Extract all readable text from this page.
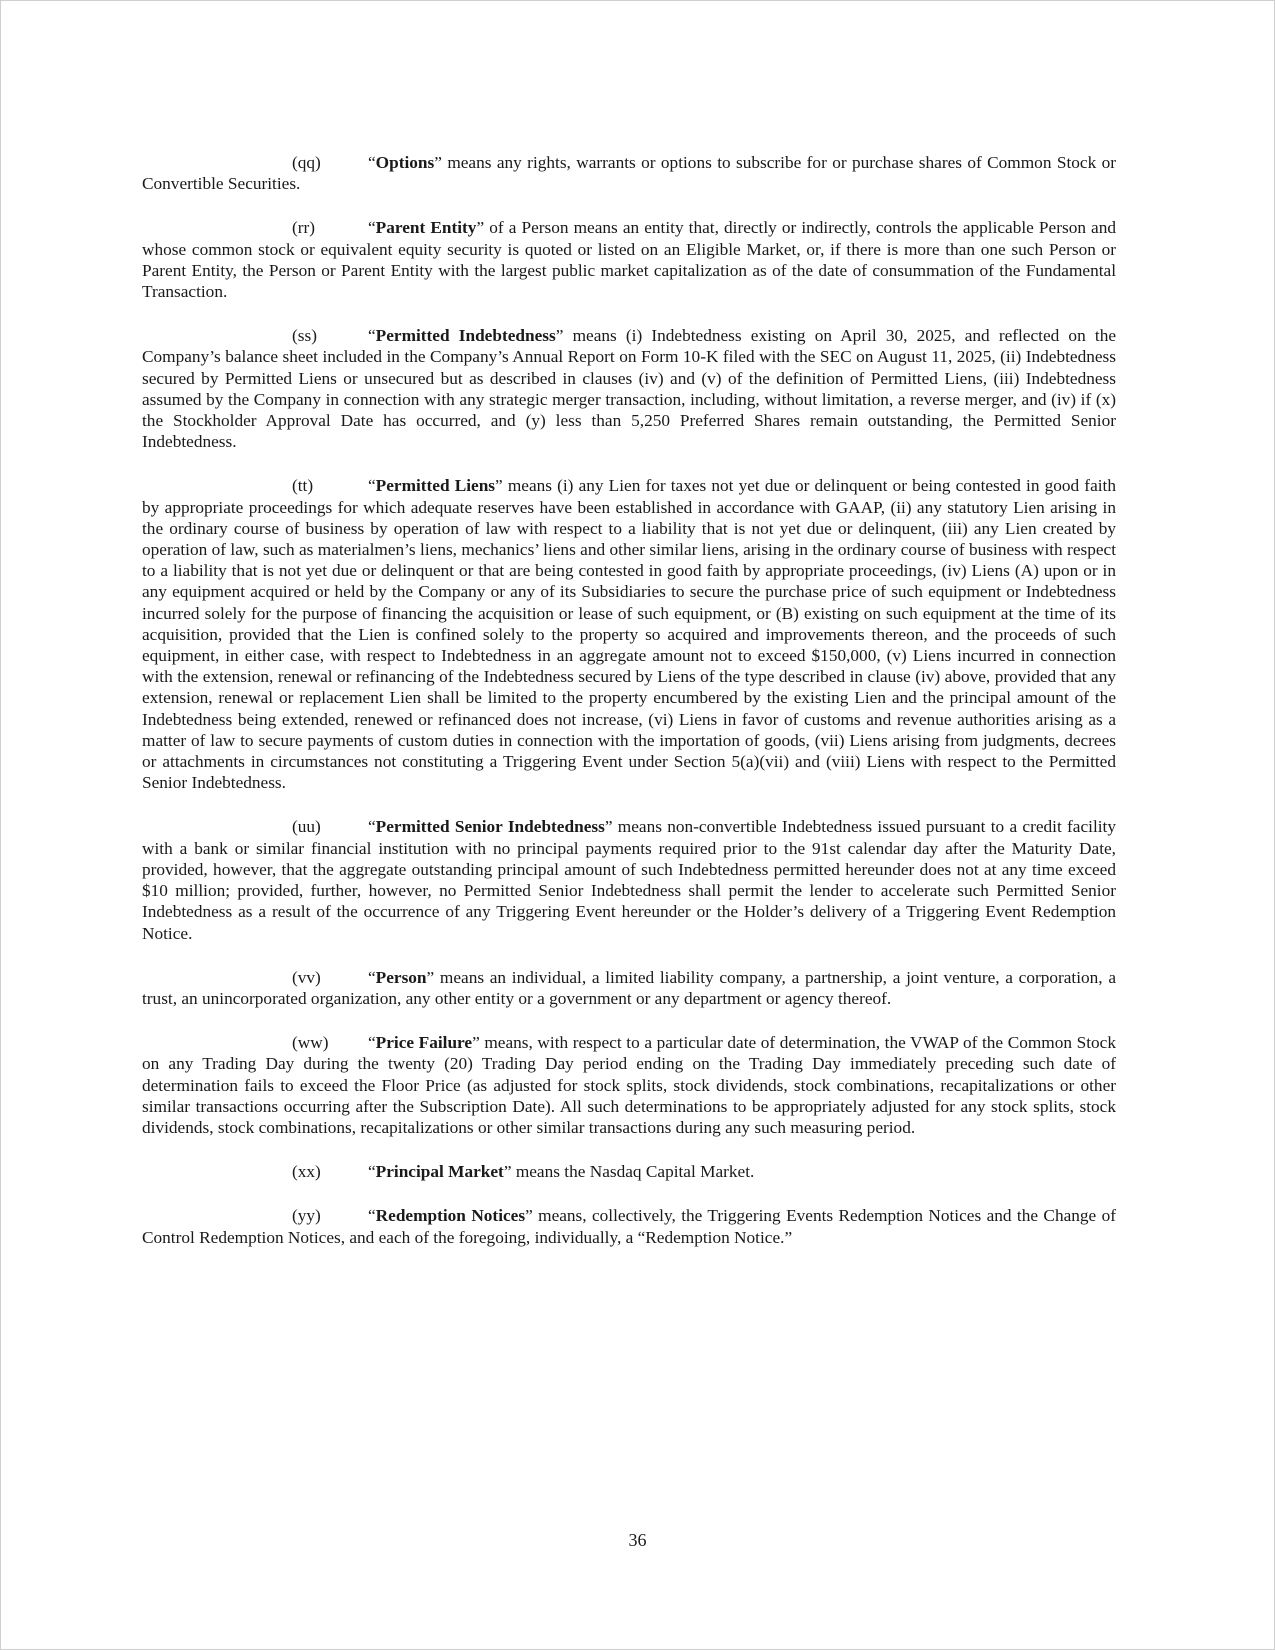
(qq)	“Options” means any rights, warrants or options to subscribe for or purchase shares of Common Stock or Convertible Securities.

(rr)	“Parent Entity” of a Person means an entity that, directly or indirectly, controls the applicable Person and whose common stock or equivalent equity security is quoted or listed on an Eligible Market, or, if there is more than one such Person or Parent Entity, the Person or Parent Entity with the largest public market capitalization as of the date of consummation of the Fundamental Transaction.

(ss)	“Permitted Indebtedness” means (i) Indebtedness existing on April 30, 2025, and reflected on the Company’s balance sheet included in the Company’s Annual Report on Form 10-K filed with the SEC on August 11, 2025, (ii) Indebtedness secured by Permitted Liens or unsecured but as described in clauses (iv) and (v) of the definition of Permitted Liens, (iii) Indebtedness assumed by the Company in connection with any strategic merger transaction, including, without limitation, a reverse merger, and (iv) if (x) the Stockholder Approval Date has occurred, and (y) less than 5,250 Preferred Shares remain outstanding, the Permitted Senior Indebtedness.

(tt)	“Permitted Liens” means (i) any Lien for taxes not yet due or delinquent or being contested in good faith by appropriate proceedings for which adequate reserves have been established in accordance with GAAP, (ii) any statutory Lien arising in the ordinary course of business by operation of law with respect to a liability that is not yet due or delinquent, (iii) any Lien created by operation of law, such as materialmen’s liens, mechanics’ liens and other similar liens, arising in the ordinary course of business with respect to a liability that is not yet due or delinquent or that are being contested in good faith by appropriate proceedings, (iv) Liens (A) upon or in any equipment acquired or held by the Company or any of its Subsidiaries to secure the purchase price of such equipment or Indebtedness incurred solely for the purpose of financing the acquisition or lease of such equipment, or (B) existing on such equipment at the time of its acquisition, provided that the Lien is confined solely to the property so acquired and improvements thereon, and the proceeds of such equipment, in either case, with respect to Indebtedness in an aggregate amount not to exceed $150,000, (v) Liens incurred in connection with the extension, renewal or refinancing of the Indebtedness secured by Liens of the type described in clause (iv) above, provided that any extension, renewal or replacement Lien shall be limited to the property encumbered by the existing Lien and the principal amount of the Indebtedness being extended, renewed or refinanced does not increase, (vi) Liens in favor of customs and revenue authorities arising as a matter of law to secure payments of custom duties in connection with the importation of goods, (vii) Liens arising from judgments, decrees or attachments in circumstances not constituting a Triggering Event under Section 5(a)(vii) and (viii) Liens with respect to the Permitted Senior Indebtedness.

(uu)	“Permitted Senior Indebtedness” means non-convertible Indebtedness issued pursuant to a credit facility with a bank or similar financial institution with no principal payments required prior to the 91st calendar day after the Maturity Date, provided, however, that the aggregate outstanding principal amount of such Indebtedness permitted hereunder does not at any time exceed $10 million; provided, further, however, no Permitted Senior Indebtedness shall permit the lender to accelerate such Permitted Senior Indebtedness as a result of the occurrence of any Triggering Event hereunder or the Holder’s delivery of a Triggering Event Redemption Notice.

(vv)	“Person” means an individual, a limited liability company, a partnership, a joint venture, a corporation, a trust, an unincorporated organization, any other entity or a government or any department or agency thereof.

(ww) “Price Failure” means, with respect to a particular date of determination, the VWAP of the Common Stock on any Trading Day during the twenty (20) Trading Day period ending on the Trading Day immediately preceding such date of determination fails to exceed the Floor Price (as adjusted for stock splits, stock dividends, stock combinations, recapitalizations or other similar transactions occurring after the Subscription Date). All such determinations to be appropriately adjusted for any stock splits, stock dividends, stock combinations, recapitalizations or other similar transactions during any such measuring period.

(xx)	“Principal Market” means the Nasdaq Capital Market.

(yy)	“Redemption Notices” means, collectively, the Triggering Events Redemption Notices and the Change of Control Redemption Notices, and each of the foregoing, individually, a “Redemption Notice.”

36
